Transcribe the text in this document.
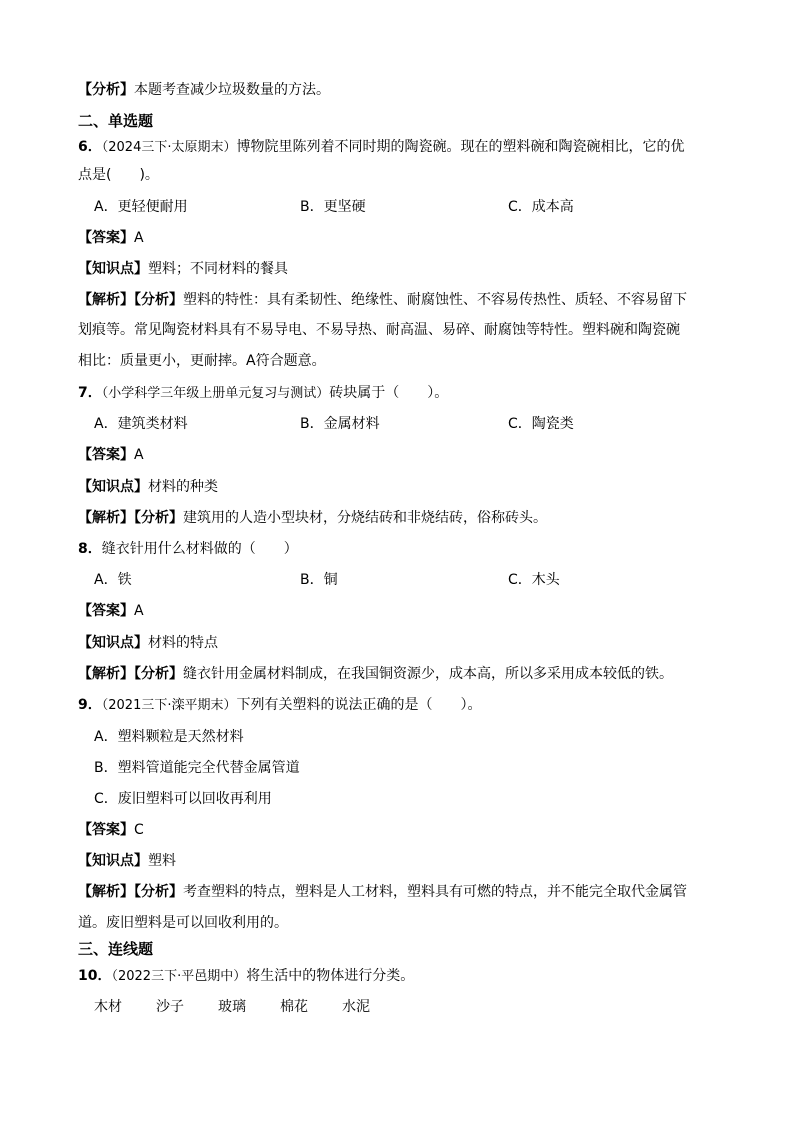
【分析】本题考查减少垃圾数量的方法。
二、单选题
6．（2024三下·太原期末）博物院里陈列着不同时期的陶瓷碗。现在的塑料碗和陶瓷碗相比，它的优
点是(　　)。
A．更轻便耐用	B．更坚硬	C．成本高
【答案】A
【知识点】塑料；不同材料的餐具
【解析】【分析】塑料的特性：具有柔韧性、绝缘性、耐腐蚀性、不容易传热性、质轻、不容易留下
划痕等。常见陶瓷材料具有不易导电、不易导热、耐高温、易碎、耐腐蚀等特性。塑料碗和陶瓷碗
相比：质量更小，更耐摔。A符合题意。
7．（小学科学三年级上册单元复习与测试）砖块属于（　　）。
A．建筑类材料	B．金属材料	C．陶瓷类
【答案】A
【知识点】材料的种类
【解析】【分析】建筑用的人造小型块材，分烧结砖和非烧结砖，俗称砖头。
8．缝衣针用什么材料做的（　　）
A．铁	B．铜	C．木头
【答案】A
【知识点】材料的特点
【解析】【分析】缝衣针用金属材料制成，在我国铜资源少，成本高，所以多采用成本较低的铁。
9．（2021三下·滦平期末）下列有关塑料的说法正确的是（　　）。
A．塑料颗粒是天然材料
B．塑料管道能完全代替金属管道
C．废旧塑料可以回收再利用
【答案】C
【知识点】塑料
【解析】【分析】考查塑料的特点，塑料是人工材料，塑料具有可燃的特点，并不能完全取代金属管
道。废旧塑料是可以回收利用的。
三、连线题
10．（2022三下·平邑期中）将生活中的物体进行分类。
木材 沙子 玻璃 棉花 水泥
